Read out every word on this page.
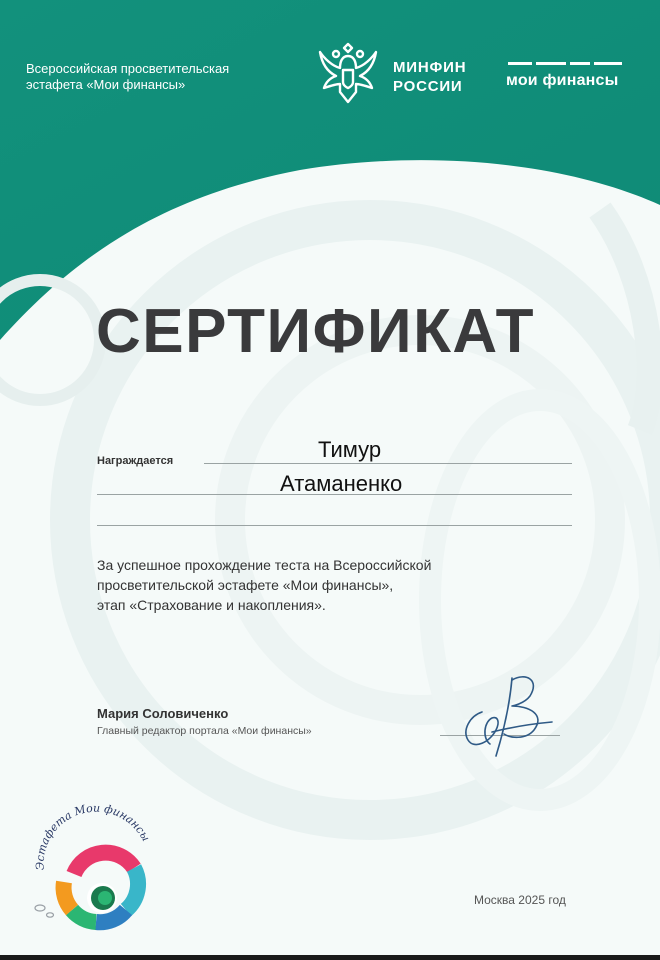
Всероссийская просветительская
эстафета «Мои финансы»
МИНФИН
РОССИИ	мои финансы
СЕРТИФИКАТ
Награждается	Тимур
Атаманенко
За успешное прохождение теста на Всероссийской
просветительской эстафете «Мои финансы»,
этап «Страхование и накопления».
Мария Соловиченко
Главный редактор портала «Мои финансы»
Москва 2025 год
Эстафета Мои финансы
